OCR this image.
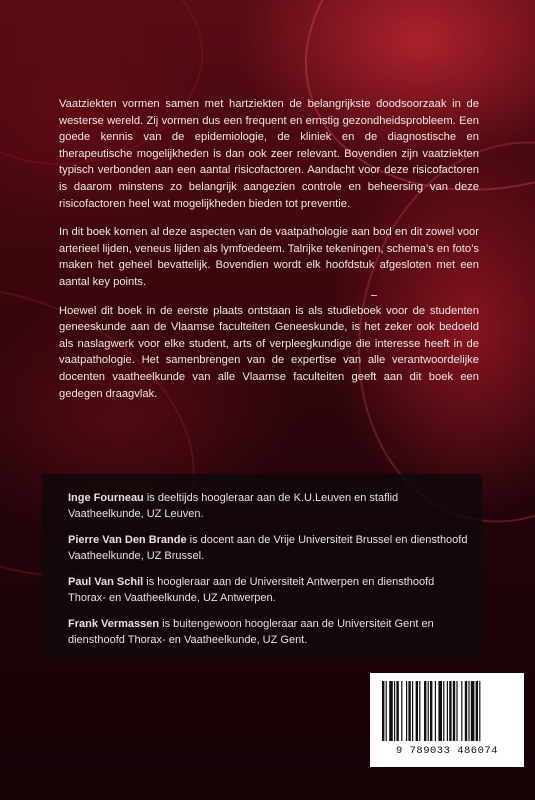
Vaatziekten vormen samen met hartziekten de belangrijkste doodsoorzaak in de westerse wereld. Zij vormen dus een frequent en ernstig gezondheidsprobleem. Een goede kennis van de epidemiologie, de kliniek en de diagnostische en therapeutische mogelijkheden is dan ook zeer relevant. Bovendien zijn vaatziekten typisch verbonden aan een aantal risicofactoren. Aandacht voor deze risicofactoren is daarom minstens zo belangrijk aangezien controle en beheersing van deze risicofactoren heel wat mogelijkheden bieden tot preventie.

In dit boek komen al deze aspecten van de vaatpathologie aan bod en dit zowel voor arterieel lijden, veneus lijden als lymfoedeem. Talrijke tekeningen, schema’s en foto’s maken het geheel bevattelijk. Bovendien wordt elk hoofdstuk afgesloten met een aantal key points.

Hoewel dit boek in de eerste plaats ontstaan is als studieboek voor de studenten geneeskunde aan de Vlaamse faculteiten Geneeskunde, is het zeker ook bedoeld als naslagwerk voor elke student, arts of verpleegkundige die interesse heeft in de vaatpathologie. Het samenbrengen van de expertise van alle verantwoordelijke docenten vaatheelkunde van alle Vlaamse faculteiten geeft aan dit boek een gedegen draagvlak.

Inge Fourneau is deeltijds hoogleraar aan de K.U.Leuven en staflid Vaatheelkunde, UZ Leuven.
Pierre Van Den Brande is docent aan de Vrije Universiteit Brussel en diensthoofd Vaatheelkunde, UZ Brussel.
Paul Van Schil is hoogleraar aan de Universiteit Antwerpen en diensthoofd Thorax- en Vaatheelkunde, UZ Antwerpen.
Frank Vermassen is buitengewoon hoogleraar aan de Universiteit Gent en diensthoofd Thorax- en Vaatheelkunde, UZ Gent.
9 789033 486074
